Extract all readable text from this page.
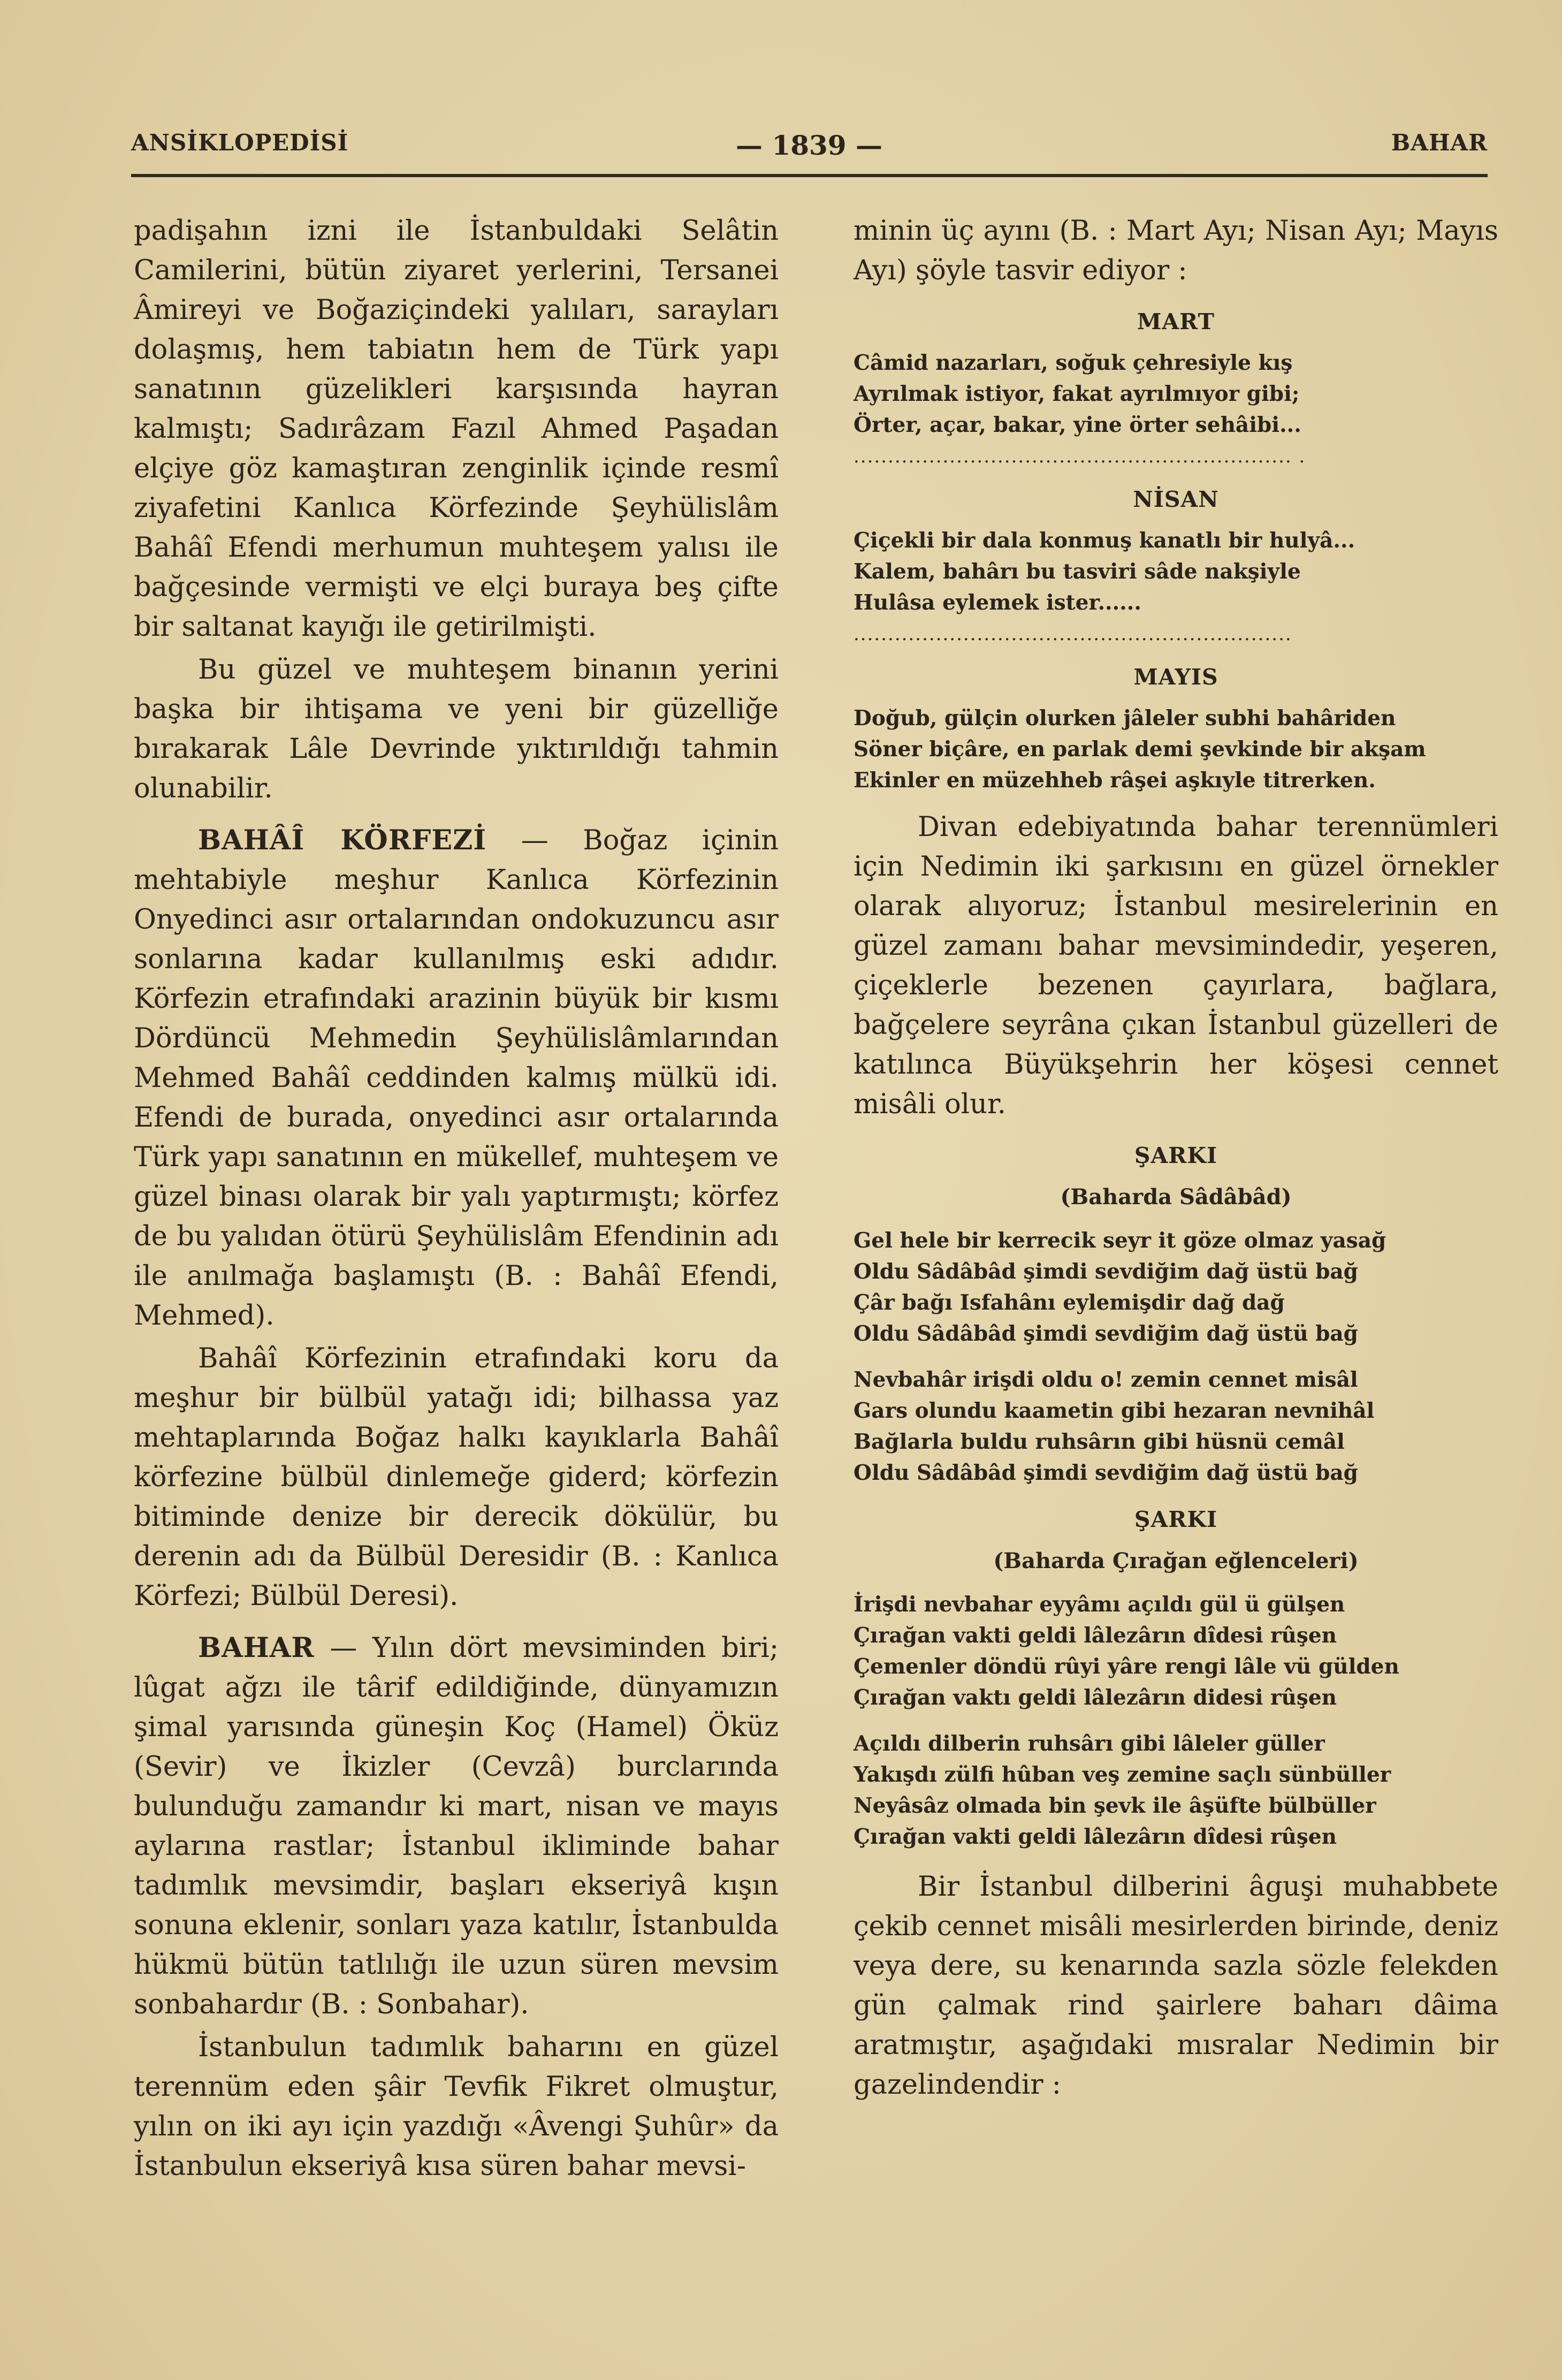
ANSİKLOPEDİSİ	— 1839 —	BAHAR

padişahın izni ile İstanbuldaki Selâtin Camilerini, bütün ziyaret yerlerini, Tersanei Âmireyi ve Boğaziçindeki yalıları, sarayları dolaşmış, hem tabiatın hem de Türk yapı sanatının güzelikleri karşısında hayran kalmıştı; Sadırâzam Fazıl Ahmed Paşadan elçiye göz kamaştıran zenginlik içinde resmî ziyafetini Kanlıca Körfezinde Şeyhülislâm Bahâî Efendi merhumun muhteşem yalısı ile bağçesinde vermişti ve elçi buraya beş çifte bir saltanat kayığı ile getirilmişti.

Bu güzel ve muhteşem binanın yerini başka bir ihtişama ve yeni bir güzelliğe bırakarak Lâle Devrinde yıktırıldığı tahmin olunabilir.

BAHÂÎ KÖRFEZİ — Boğaz içinin mehtabiyle meşhur Kanlıca Körfezinin Onyedinci asır ortalarından ondokuzuncu asır sonlarına kadar kullanılmış eski adıdır. Körfezin etrafındaki arazinin büyük bir kısmı Dördüncü Mehmedin Şeyhülislâmlarından Mehmed Bahâî ceddinden kalmış mülkü idi. Efendi de burada, onyedinci asır ortalarında Türk yapı sanatının en mükellef, muhteşem ve güzel binası olarak bir yalı yaptırmıştı; körfez de bu yalıdan ötürü Şeyhülislâm Efendinin adı ile anılmağa başlamıştı (B. : Bahâî Efendi, Mehmed).

Bahâî Körfezinin etrafındaki koru da meşhur bir bülbül yatağı idi; bilhassa yaz mehtaplarında Boğaz halkı kayıklarla Bahâî körfezine bülbül dinlemeğe giderd; körfezin bitiminde denize bir derecik dökülür, bu derenin adı da Bülbül Deresidir (B. : Kanlıca Körfezi; Bülbül Deresi).

BAHAR — Yılın dört mevsiminden biri; lûgat ağzı ile târif edildiğinde, dünyamızın şimal yarısında güneşin Koç (Hamel) Öküz (Sevir) ve İkizler (Cevzâ) burclarında bulunduğu zamandır ki mart, nisan ve mayıs aylarına rastlar; İstanbul ikliminde bahar tadımlık mevsimdir, başları ekseriyâ kışın sonuna eklenir, sonları yaza katılır, İstanbulda hükmü bütün tatlılığı ile uzun süren mevsim sonbahardır (B. : Sonbahar).

İstanbulun tadımlık baharını en güzel terennüm eden şâir Tevfik Fikret olmuştur, yılın on iki ayı için yazdığı «Âvengi Şuhûr» da İstanbulun ekseriyâ kısa süren bahar mevsi-

minin üç ayını (B. : Mart Ayı; Nisan Ayı; Mayıs Ayı) şöyle tasvir ediyor :

MART

Câmid nazarları, soğuk çehresiyle kış

Ayrılmak istiyor, fakat ayrılmıyor gibi;

Örter, açar, bakar, yine örter sehâibi...

................................................................ .
NİSAN

Çiçekli bir dala konmuş kanatlı bir hulyâ...

Kalem, bahârı bu tasviri sâde nakşiyle

Hulâsa eylemek ister......

................................................................
MAYIS

Doğub, gülçin olurken jâleler subhi bahâriden

Söner biçâre, en parlak demi şevkinde bir akşam

Ekinler en müzehheb râşei aşkıyle titrerken.

Divan edebiyatında bahar terennümleri için Nedimin iki şarkısını en güzel örnekler olarak alıyoruz; İstanbul mesirelerinin en güzel zamanı bahar mevsimindedir, yeşeren, çiçeklerle bezenen çayırlara, bağlara, bağçelere seyrâna çıkan İstanbul güzelleri de katılınca Büyükşehrin her köşesi cennet misâli olur.

ŞARKI
(Baharda Sâdâbâd)

Gel hele bir kerrecik seyr it göze olmaz yasağ

Oldu Sâdâbâd şimdi sevdiğim dağ üstü bağ

Çâr bağı Isfahânı eylemişdir dağ dağ

Oldu Sâdâbâd şimdi sevdiğim dağ üstü bağ

Nevbahâr irişdi oldu o! zemin cennet misâl

Gars olundu kaametin gibi hezaran nevnihâl

Bağlarla buldu ruhsârın gibi hüsnü cemâl

Oldu Sâdâbâd şimdi sevdiğim dağ üstü bağ

ŞARKI
(Baharda Çırağan eğlenceleri)

İrişdi nevbahar eyyâmı açıldı gül ü gülşen

Çırağan vakti geldi lâlezârın dîdesi rûşen

Çemenler döndü rûyi yâre rengi lâle vü gülden

Çırağan vaktı geldi lâlezârın didesi rûşen

Açıldı dilberin ruhsârı gibi lâleler güller

Yakışdı zülfi hûban veş zemine saçlı sünbüller

Neyâsâz olmada bin şevk ile âşüfte bülbüller

Çırağan vakti geldi lâlezârın dîdesi rûşen

Bir İstanbul dilberini âguşi muhabbete çekib cennet misâli mesirlerden birinde, deniz veya dere, su kenarında sazla sözle felekden gün çalmak rind şairlere baharı dâima aratmıştır, aşağıdaki mısralar Nedimin bir gazelindendir :
